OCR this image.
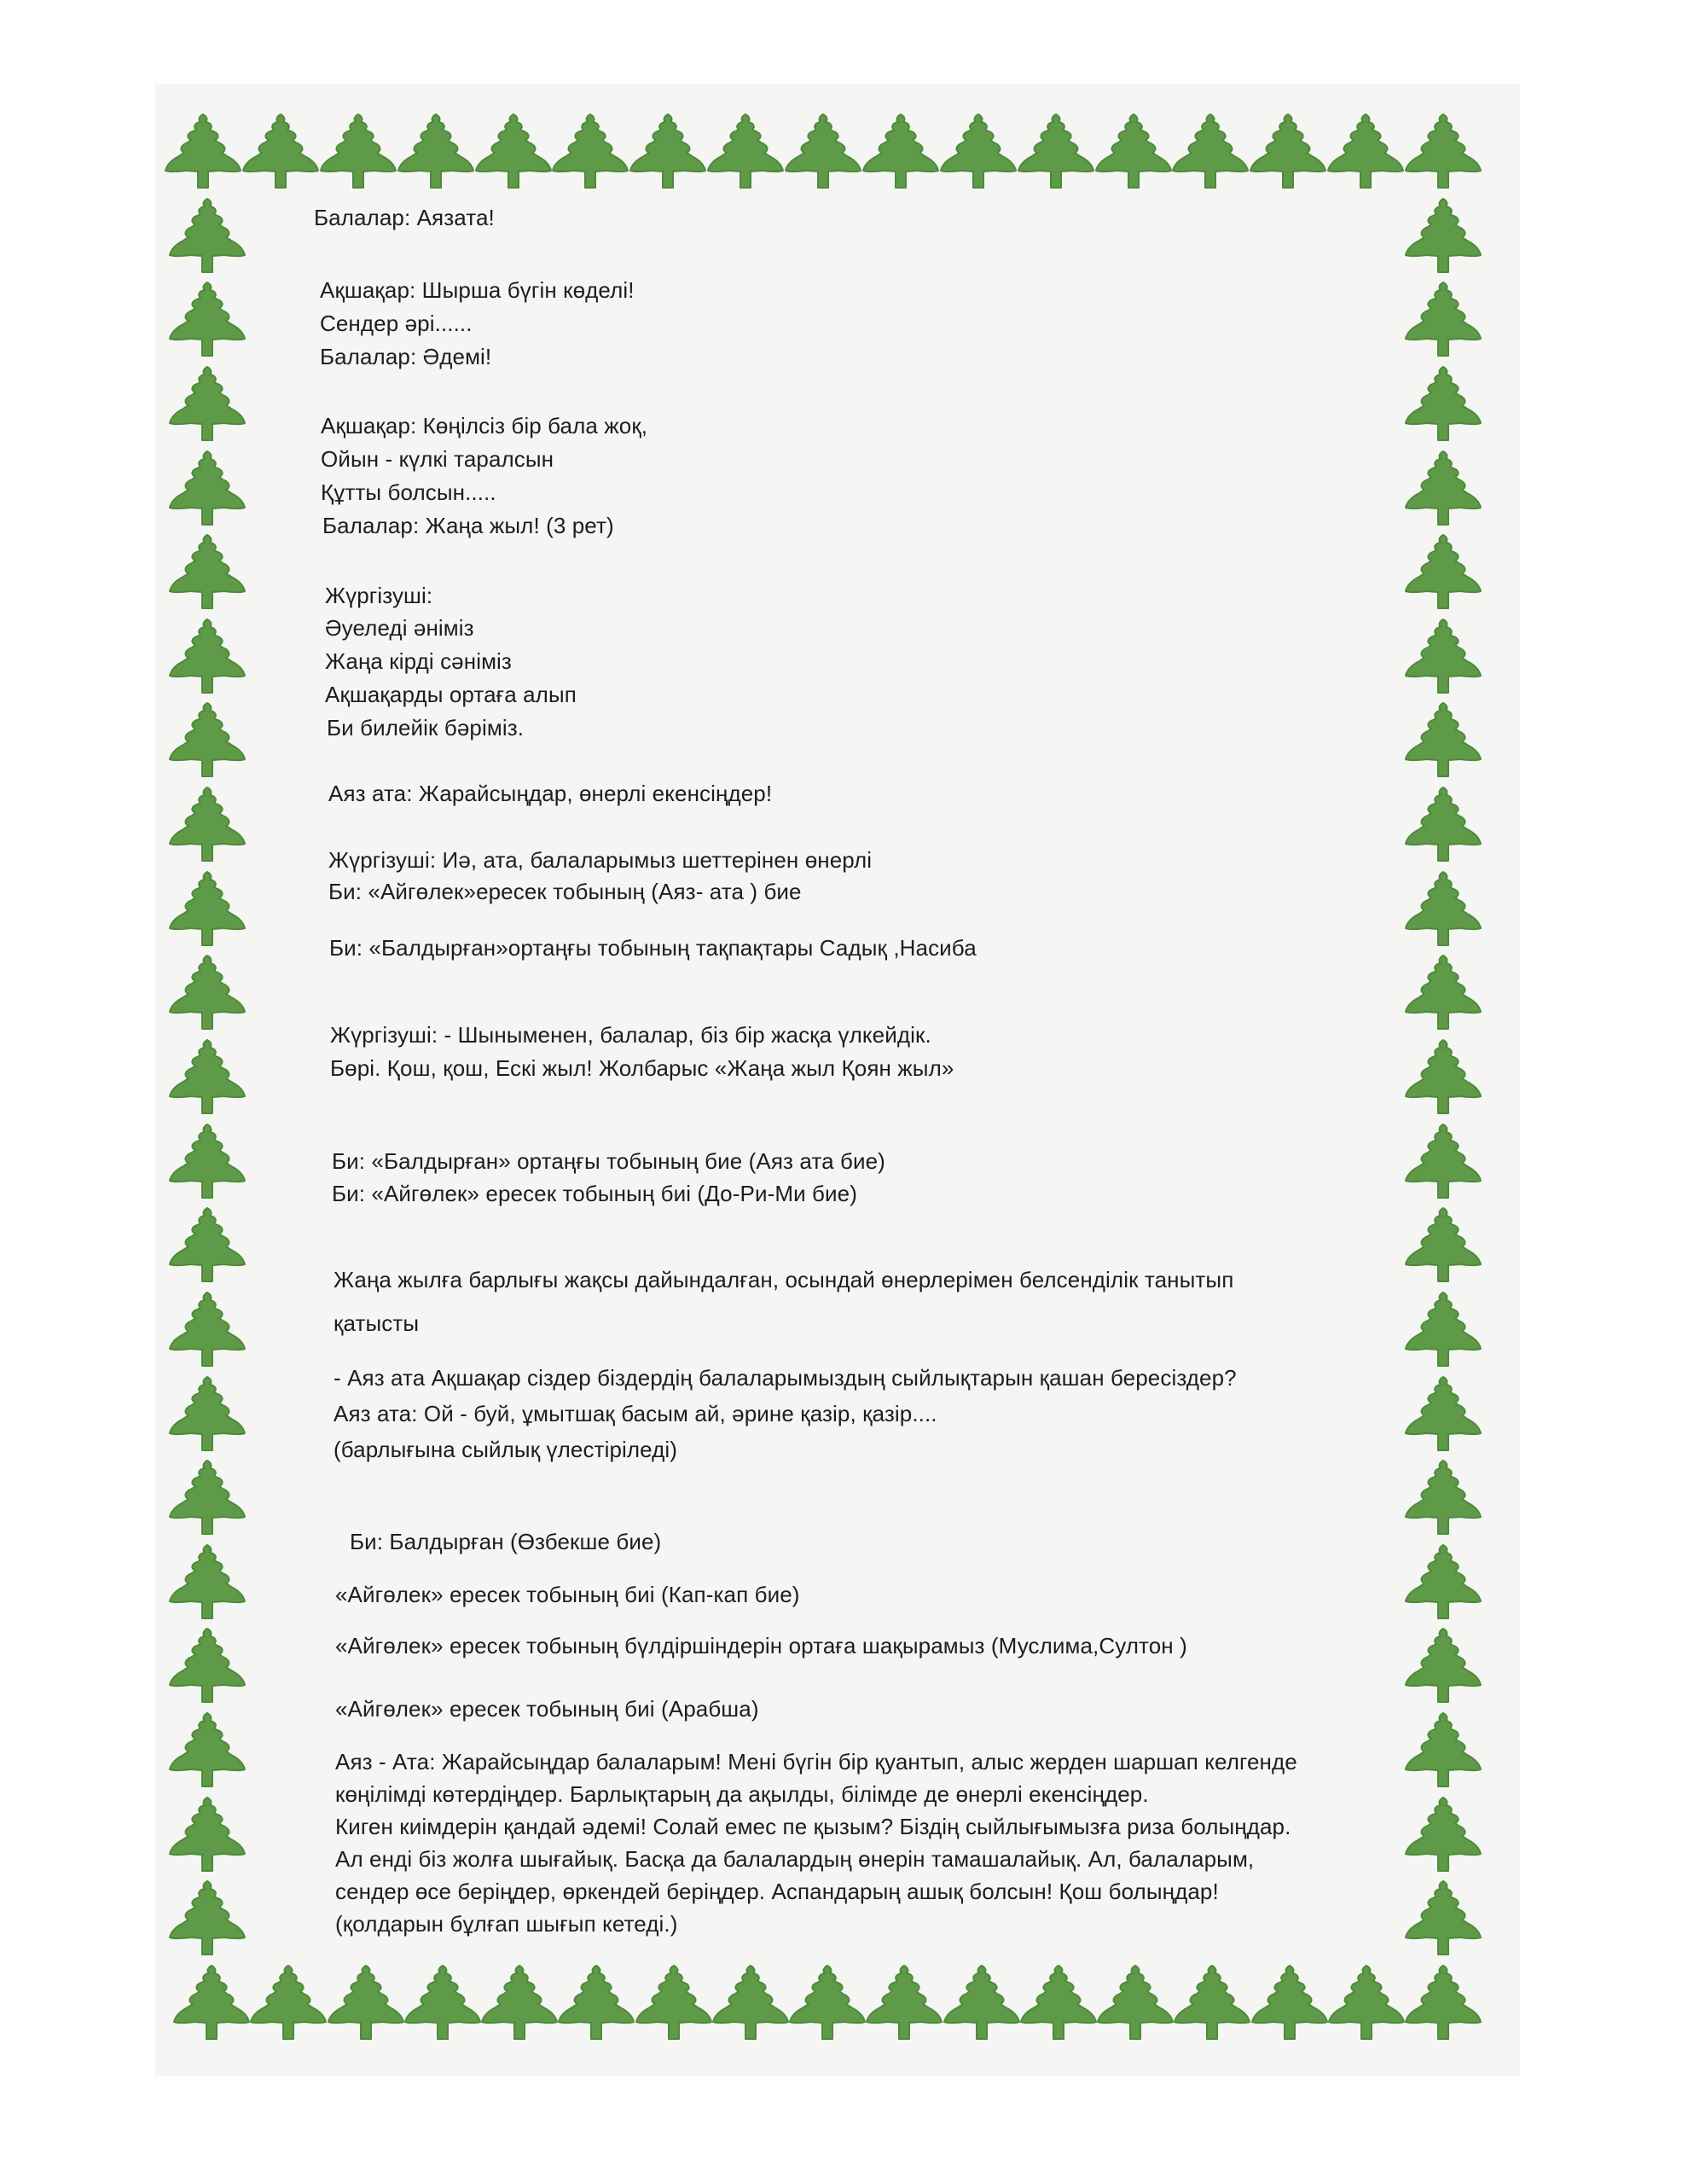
Балалар: Аязата!
Ақшақар: Шырша бүгін көделі!
Сендер әрі......
Балалар: Әдемі!
Ақшақар: Көңілсіз бір бала жоқ,
Ойын - күлкі таралсын
Құтты болсын.....
Балалар: Жаңа жыл! (3 рет)
Жүргізуші:
Әуеледі әніміз
Жаңа кірді сәніміз
Ақшақарды ортаға алып
Би билейік бәріміз.
Аяз ата: Жарайсыңдар, өнерлі екенсіңдер!
Жүргізуші: Иә, ата, балаларымыз шеттерінен өнерлі
Би: «Айгөлек»ересек тобының (Аяз- ата ) бие
Би: «Балдырған»ортаңғы тобының тақпақтары Садық ,Насиба
Жүргізуші: - Шыныменен, балалар, біз бір жасқа үлкейдік.
Бөрі. Қош, қош, Ескі жыл! Жолбарыс «Жаңа жыл Қоян жыл»
Би: «Балдырған» ортаңғы тобының бие (Аяз ата бие)
Би: «Айгөлек» ересек тобының биі (До-Ри-Ми бие)
Жаңа жылға барлығы жақсы дайындалған, осындай өнерлерімен белсенділік танытып
қатысты
- Аяз ата Ақшақар сіздер біздердің балаларымыздың сыйлықтарын қашан бересіздер?
Аяз ата: Ой - буй, ұмытшақ басым ай, әрине қазір, қазір....
(барлығына сыйлық үлестіріледі)
Би: Балдырған (Өзбекше бие)
«Айгөлек» ересек тобының биі (Кап-кап бие)
«Айгөлек» ересек тобының бүлдіршіндерін ортаға шақырамыз (Муслима,Султон )
«Айгөлек» ересек тобының биі (Арабша)
Аяз - Ата: Жарайсыңдар балаларым! Мені бүгін бір қуантып, алыс жерден шаршап келгенде
көңілімді көтердіңдер. Барлықтарың да ақылды, білімде де өнерлі екенсіңдер.
Киген киімдерін қандай әдемі! Солай емес пе қызым? Біздің сыйлығымызға риза болыңдар.
Ал енді біз жолға шығайық. Басқа да балалардың өнерін тамашалайық. Ал, балаларым,
сендер өсе беріңдер, өркендей беріңдер. Аспандарың ашық болсын! Қош болыңдар!
(қолдарын бұлғап шығып кетеді.)
